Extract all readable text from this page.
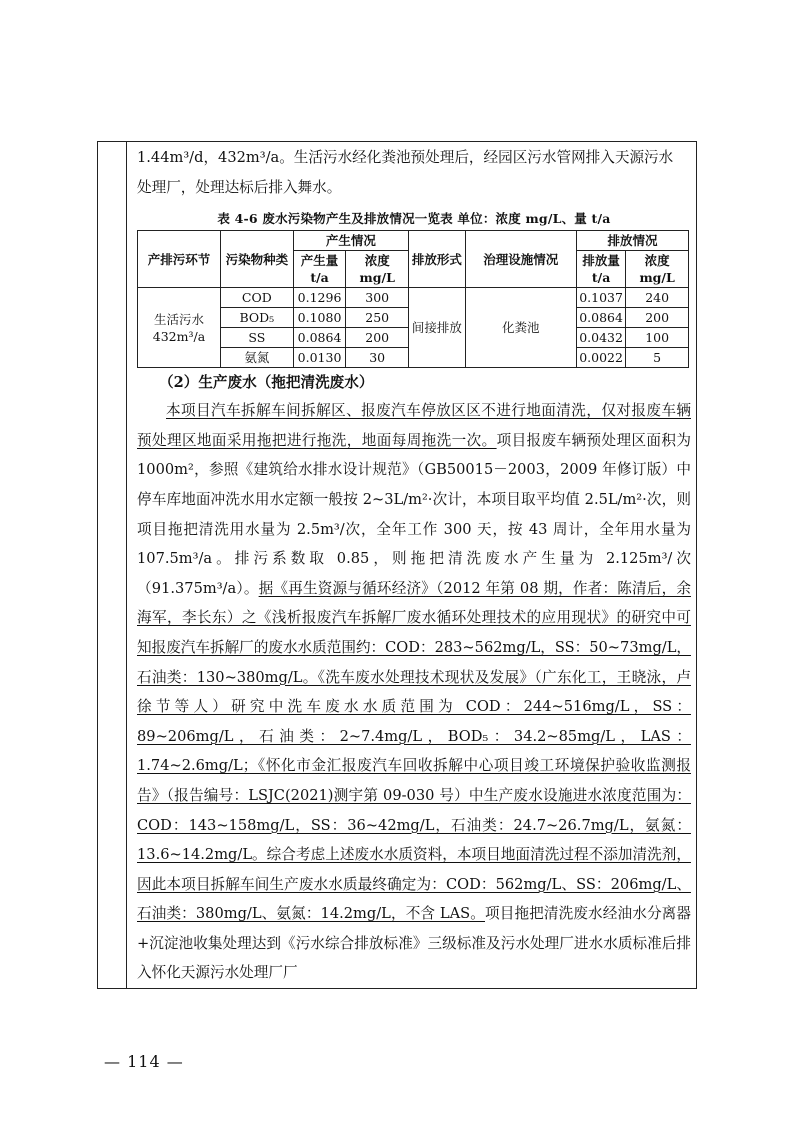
1.44m³/d，432m³/a。生活污水经化粪池预处理后，经园区污水管网排入天源污水

处理厂，处理达标后排入舞水。

表 4-6 废水污染物产生及排放情况一览表 单位：浓度 mg/L、量 t/a
产排污环节	污染物种类	产生情况		排放形式	治理设施情况	排放情况	
		产生量 t/a	浓度 mg/L			排放量 t/a	浓度 mg/L
生活污水432m³/a	COD	0.1296	300	间接排放	化粪池	0.1037	240
	BOD₅	0.1080	250			0.0864	200
	SS	0.0864	200			0.0432	100
	氨氮	0.0130	30			0.0022	5
（2）生产废水（拖把清洗废水）

本项目汽车拆解车间拆解区、报废汽车停放区区不进行地面清洗，仅对报废车辆预处理区地面采用拖把进行拖洗，地面每周拖洗一次。项目报废车辆预处理区面积为 1000m²，参照《建筑给水排水设计规范》（GB50015－2003，2009 年修订版）中停车库地面冲洗水用水定额一般按 2~3L/m²·次计，本项目取平均值 2.5L/m²·次，则项目拖把清洗用水量为 2.5m³/次，全年工作 300 天，按 43 周计，全年用水量为 107.5m³/a。排污系数取 0.85，则拖把清洗废水产生量为 2.125m³/次（91.375m³/a）。据《再生资源与循环经济》（2012 年第 08 期，作者：陈清后，余海军，李长东）之《浅析报废汽车拆解厂废水循环处理技术的应用现状》的研究中可知报废汽车拆解厂的废水水质范围约：COD：283~562mg/L，SS：50~73mg/L，石油类：130~380mg/L。《洗车废水处理技术现状及发展》（广东化工，王晓泳，卢徐节等人）研究中洗车废水水质范围为 COD：244~516mg/L，SS：89~206mg/L，石油类：2~7.4mg/L，BOD₅：34.2~85mg/L，LAS：1.74~2.6mg/L；《怀化市金汇报废汽车回收拆解中心项目竣工环境保护验收监测报告》（报告编号：LSJC(2021)测宇第 09-030 号）中生产废水设施进水浓度范围为：COD：143~158mg/L，SS：36~42mg/L，石油类：24.7~26.7mg/L，氨氮：13.6~14.2mg/L。综合考虑上述废水水质资料，本项目地面清洗过程不添加清洗剂，因此本项目拆解车间生产废水水质最终确定为：COD：562mg/L、SS：206mg/L、石油类：380mg/L、氨氮：14.2mg/L，不含 LAS。项目拖把清洗废水经油水分离器+沉淀池收集处理达到《污水综合排放标准》三级标准及污水处理厂进水水质标准后排入怀化天源污水处理厂厂

— 114 —
